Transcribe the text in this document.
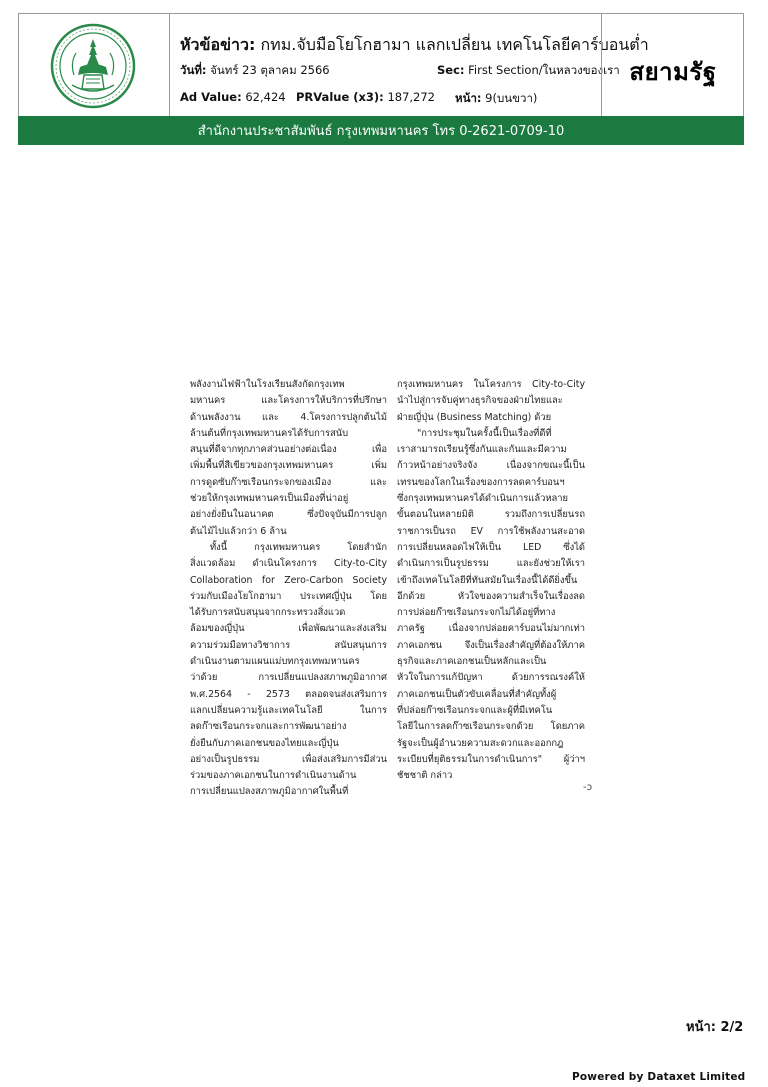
หัวข้อข่าว: กทม.จับมือโยโกฮามา แลกเปลี่ยน เทคโนโลยีคาร์บอนต่ำ
วันที่: จันทร์ 23 ตุลาคม 2566	Sec: First Section/ในหลวงของเรา
Ad Value: 62,424 PRValue (x3): 187,272 หน้า: 9(บนขวา)
สยามรัฐ
สำนักงานประชาสัมพันธ์ กรุงเทพมหานคร โทร 0-2621-0709-10
พลังงานไฟฟ้าในโรงเรียนสังกัดกรุงเทพ
มหานคร และโครงการให้บริการที่ปรึกษา
ด้านพลังงาน และ 4.โครงการปลูกต้นไม้
ล้านต้นที่กรุงเทพมหานครได้รับการสนับ
สนุนที่ดีจากทุกภาคส่วนอย่างต่อเนื่อง เพื่อ
เพิ่มพื้นที่สีเขียวของกรุงเทพมหานคร เพิ่ม
การดูดซับก๊าซเรือนกระจกของเมือง และ
ช่วยให้กรุงเทพมหานครเป็นเมืองที่น่าอยู่
อย่างยั่งยืนในอนาคต ซึ่งปัจจุบันมีการปลูก
ต้นไม้ไปแล้วกว่า 6 ล้าน
ทั้งนี้ กรุงเทพมหานคร โดยสำนัก
สิ่งแวดล้อม ดำเนินโครงการ City-to-City
Collaboration for Zero-Carbon Society
ร่วมกับเมืองโยโกฮามา ประเทศญี่ปุ่น โดย
ได้รับการสนับสนุนจากกระทรวงสิ่งแวด
ล้อมของญี่ปุ่น เพื่อพัฒนาและส่งเสริม
ความร่วมมือทางวิชาการ สนับสนุนการ
ดำเนินงานตามแผนแม่บทกรุงเทพมหานคร
ว่าด้วย การเปลี่ยนแปลงสภาพภูมิอากาศ
พ.ศ.2564 - 2573 ตลอดจนส่งเสริมการ
แลกเปลี่ยนความรู้และเทคโนโลยี ในการ
ลดก๊าซเรือนกระจกและการพัฒนาอย่าง
ยั่งยืนกับภาคเอกชนของไทยและญี่ปุ่น
อย่างเป็นรูปธรรม เพื่อส่งเสริมการมีส่วน
ร่วมของภาคเอกชนในการดำเนินงานด้าน
การเปลี่ยนแปลงสภาพภูมิอากาศในพื้นที่
กรุงเทพมหานคร ในโครงการ City-to-City
นำไปสู่การจับคู่ทางธุรกิจของฝ่ายไทยและ
ฝ่ายญี่ปุ่น (Business Matching) ด้วย
"การประชุมในครั้งนี้เป็นเรื่องที่ดีที่
เราสามารถเรียนรู้ซึ่งกันและกันและมีความ
ก้าวหน้าอย่างจริงจัง เนื่องจากขณะนี้เป็น
เทรนของโลกในเรื่องของการลดคาร์บอนฯ
ซึ่งกรุงเทพมหานครได้ดำเนินการแล้วหลาย
ขั้นตอนในหลายมิติ รวมถึงการเปลี่ยนรถ
ราชการเป็นรถ EV การใช้พลังงานสะอาด
การเปลี่ยนหลอดไฟให้เป็น LED ซึ่งได้
ดำเนินการเป็นรูปธรรม และยังช่วยให้เรา
เข้าถึงเทคโนโลยีที่ทันสมัยในเรื่องนี้ได้ดียิ่งขึ้น
อีกด้วย หัวใจของความสำเร็จในเรื่องลด
การปล่อยก๊าซเรือนกระจกไม่ได้อยู่ที่ทาง
ภาครัฐ เนื่องจากปล่อยคาร์บอนไม่มากเท่า
ภาคเอกชน จึงเป็นเรื่องสำคัญที่ต้องให้ภาค
ธุรกิจและภาคเอกชนเป็นหลักและเป็น
หัวใจในการแก้ปัญหา ด้วยการรณรงค์ให้
ภาคเอกชนเป็นตัวขับเคลื่อนที่สำคัญทั้งผู้
ที่ปล่อยก๊าซเรือนกระจกและผู้ที่มีเทคโน
โลยีในการลดก๊าซเรือนกระจกด้วย โดยภาค
รัฐจะเป็นผู้อำนวยความสะดวกและออกกฎ
ระเบียบที่ยุติธรรมในการดำเนินการ" ผู้ว่าฯ
ชัชชาติ กล่าว
-ↄ
หน้า: 2/2
Powered by Dataxet Limited
